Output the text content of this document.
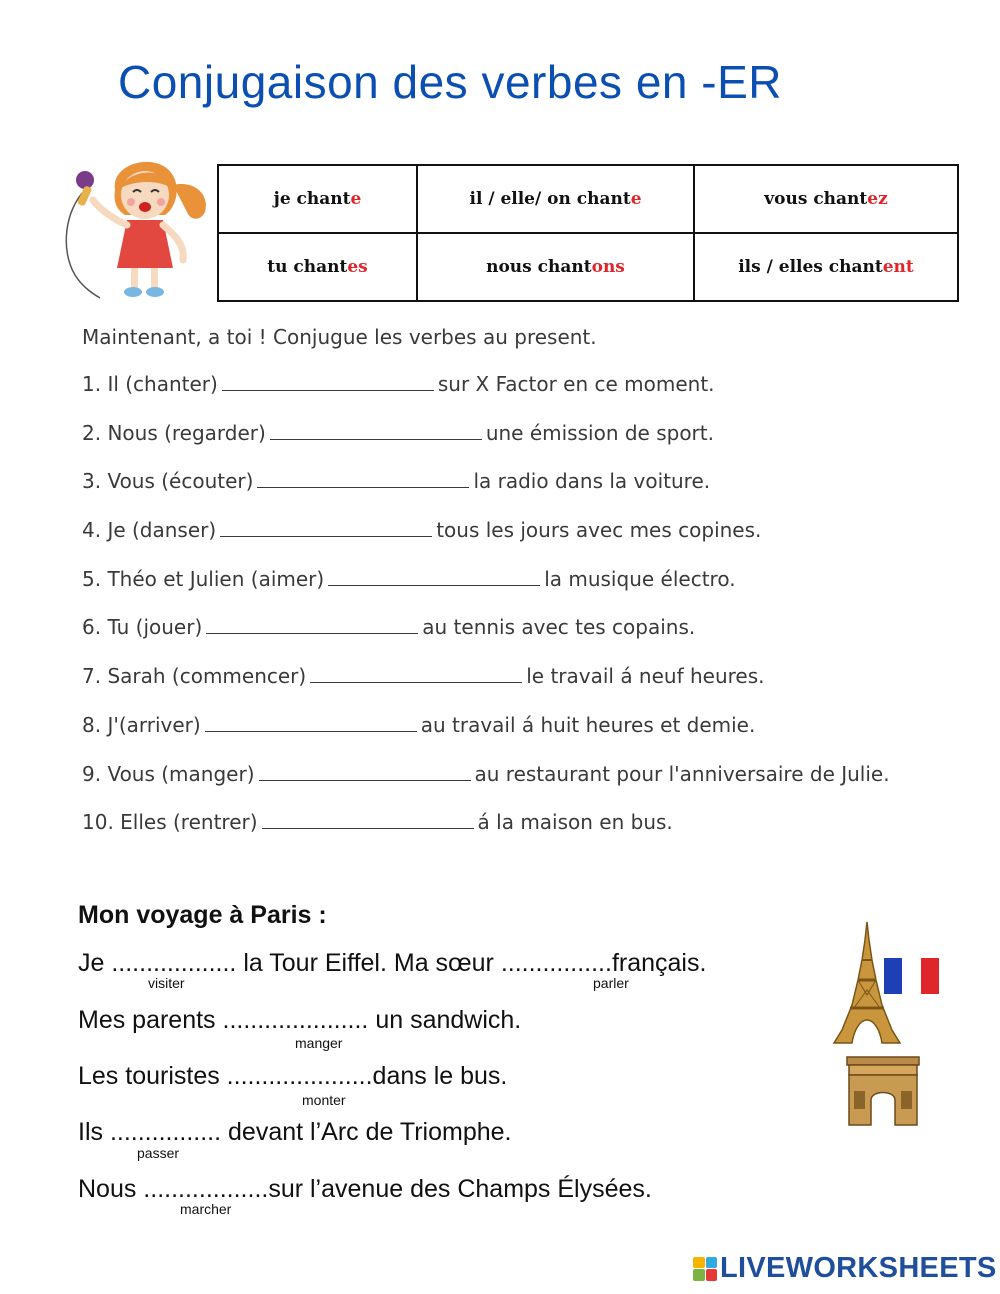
Conjugaison des verbes en -ER
je chante	il / elle/ on chante	vous chantez
tu chantes	nous chantons	ils / elles chantent
Maintenant, a toi ! Conjugue les verbes au present.
1. Il (chanter)	sur X Factor en ce moment.
2. Nous (regarder)	une émission de sport.
3. Vous (écouter)	la radio dans la voiture.
4. Je (danser)	tous les jours avec mes copines.
5. Théo et Julien (aimer)	la musique électro.
6. Tu (jouer)	au tennis avec tes copains.
7. Sarah (commencer)	le travail á neuf heures.
8. J'(arriver)	au travail á huit heures et demie.
9. Vous (manger)	au restaurant pour l'anniversaire de Julie.
10. Elles (rentrer)	á la maison en bus.
Mon voyage à Paris :
Je .................. la Tour Eiffel. Ma sœur ................français.
visiter	parler
Mes parents ..................... un sandwich.
manger
Les touristes .....................dans le bus.
monter
Ils ................ devant l’Arc de Triomphe.
passer
Nous ..................sur l’avenue des Champs Élysées.
marcher
LIVEWORKSHEETS
